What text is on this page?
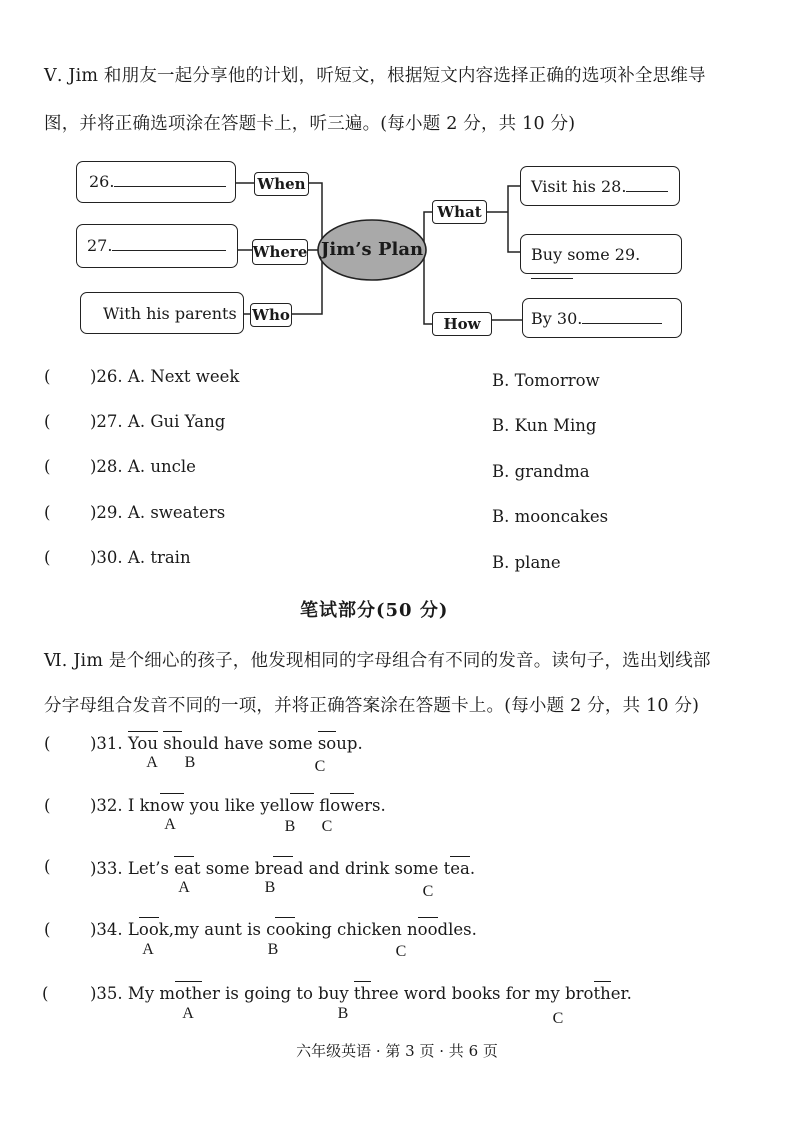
Ⅴ. Jim 和朋友一起分享他的计划，听短文，根据短文内容选择正确的选项补全思维导
图，并将正确选项涂在答题卡上，听三遍。(每小题 2 分，共 10 分)
Jim’s Plan
26.
27.
With his parents
When
Where
Who
What
How
Visit his 28.
Buy some 29.
By 30.
( )26. A. Next week	B. Tomorrow
( )27. A. Gui Yang	B. Kun Ming
( )28. A. uncle	B. grandma
( )29. A. sweaters	B. mooncakes
( )30. A. train	B. plane
笔试部分(50 分)
Ⅵ. Jim 是个细心的孩子，他发现相同的字母组合有不同的发音。读句子，选出划线部
分字母组合发音不同的一项，并将正确答案涂在答题卡上。(每小题 2 分，共 10 分)
( )31. You should have some soup.
A B	C
( )32. I know you like yellow flowers.
A	B C
( )33. Let’s eat some bread and drink some tea.
A	B	C
( )34. Look,my aunt is cooking chicken noodles.
A	B	C
(	)35. My mother is going to buy three word books for my brother.
A	B	C
六年级英语 · 第 3 页 · 共 6 页
